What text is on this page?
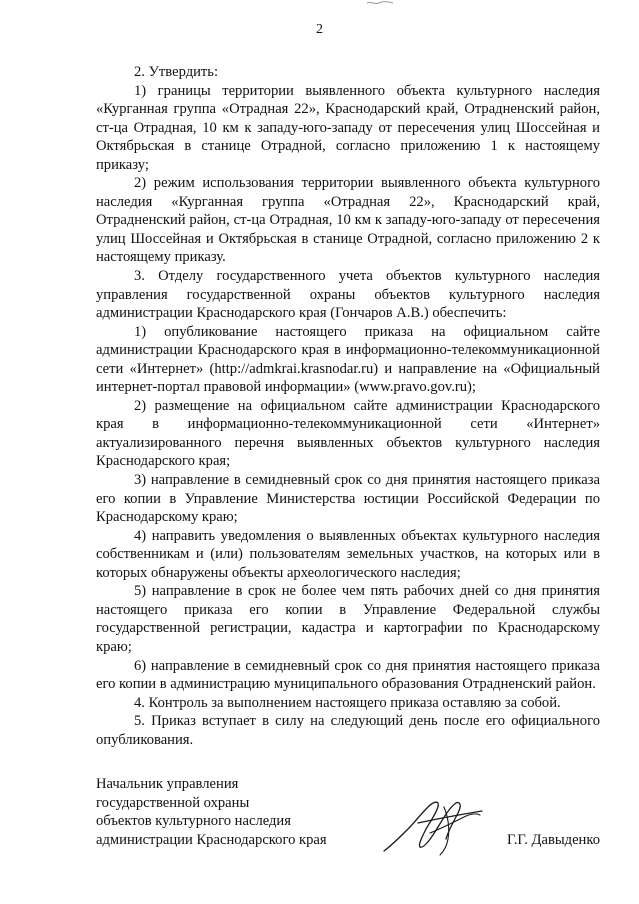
2

2. Утвердить:

1) границы территории выявленного объекта культурного наследия «Курганная группа «Отрадная 22», Краснодарский край, Отрадненский район, ст-ца Отрадная, 10 км к западу-юго-западу от пересечения улиц Шоссейная и Октябрьская в станице Отрадной, согласно приложению 1 к настоящему приказу;

2) режим использования территории выявленного объекта культурного наследия «Курганная группа «Отрадная 22», Краснодарский край, Отрадненский район, ст-ца Отрадная, 10 км к западу-юго-западу от пересечения улиц Шоссейная и Октябрьская в станице Отрадной, согласно приложению 2 к настоящему приказу.

3. Отделу государственного учета объектов культурного наследия управления государственной охраны объектов культурного наследия администрации Краснодарского края (Гончаров А.В.) обеспечить:

1) опубликование настоящего приказа на официальном сайте администрации Краснодарского края в информационно-телекоммуникационной сети «Интернет» (http://admkrai.krasnodar.ru) и направление на «Официальный интернет-портал правовой информации» (www.pravo.gov.ru);

2) размещение на официальном сайте администрации Краснодарского края в информационно-телекоммуникационной сети «Интернет» актуализированного перечня выявленных объектов культурного наследия Краснодарского края;

3) направление в семидневный срок со дня принятия настоящего приказа его копии в Управление Министерства юстиции Российской Федерации по Краснодарскому краю;

4) направить уведомления о выявленных объектах культурного наследия собственникам и (или) пользователям земельных участков, на которых или в которых обнаружены объекты археологического наследия;

5) направление в срок не более чем пять рабочих дней со дня принятия настоящего приказа его копии в Управление Федеральной службы государственной регистрации, кадастра и картографии по Краснодарскому краю;

6) направление в семидневный срок со дня принятия настоящего приказа его копии в администрацию муниципального образования Отрадненский район.

4. Контроль за выполнением настоящего приказа оставляю за собой.

5. Приказ вступает в силу на следующий день после его официального опубликования.

Начальник управления
государственной охраны
объектов культурного наследия
администрации Краснодарского края	Г.Г. Давыденко
